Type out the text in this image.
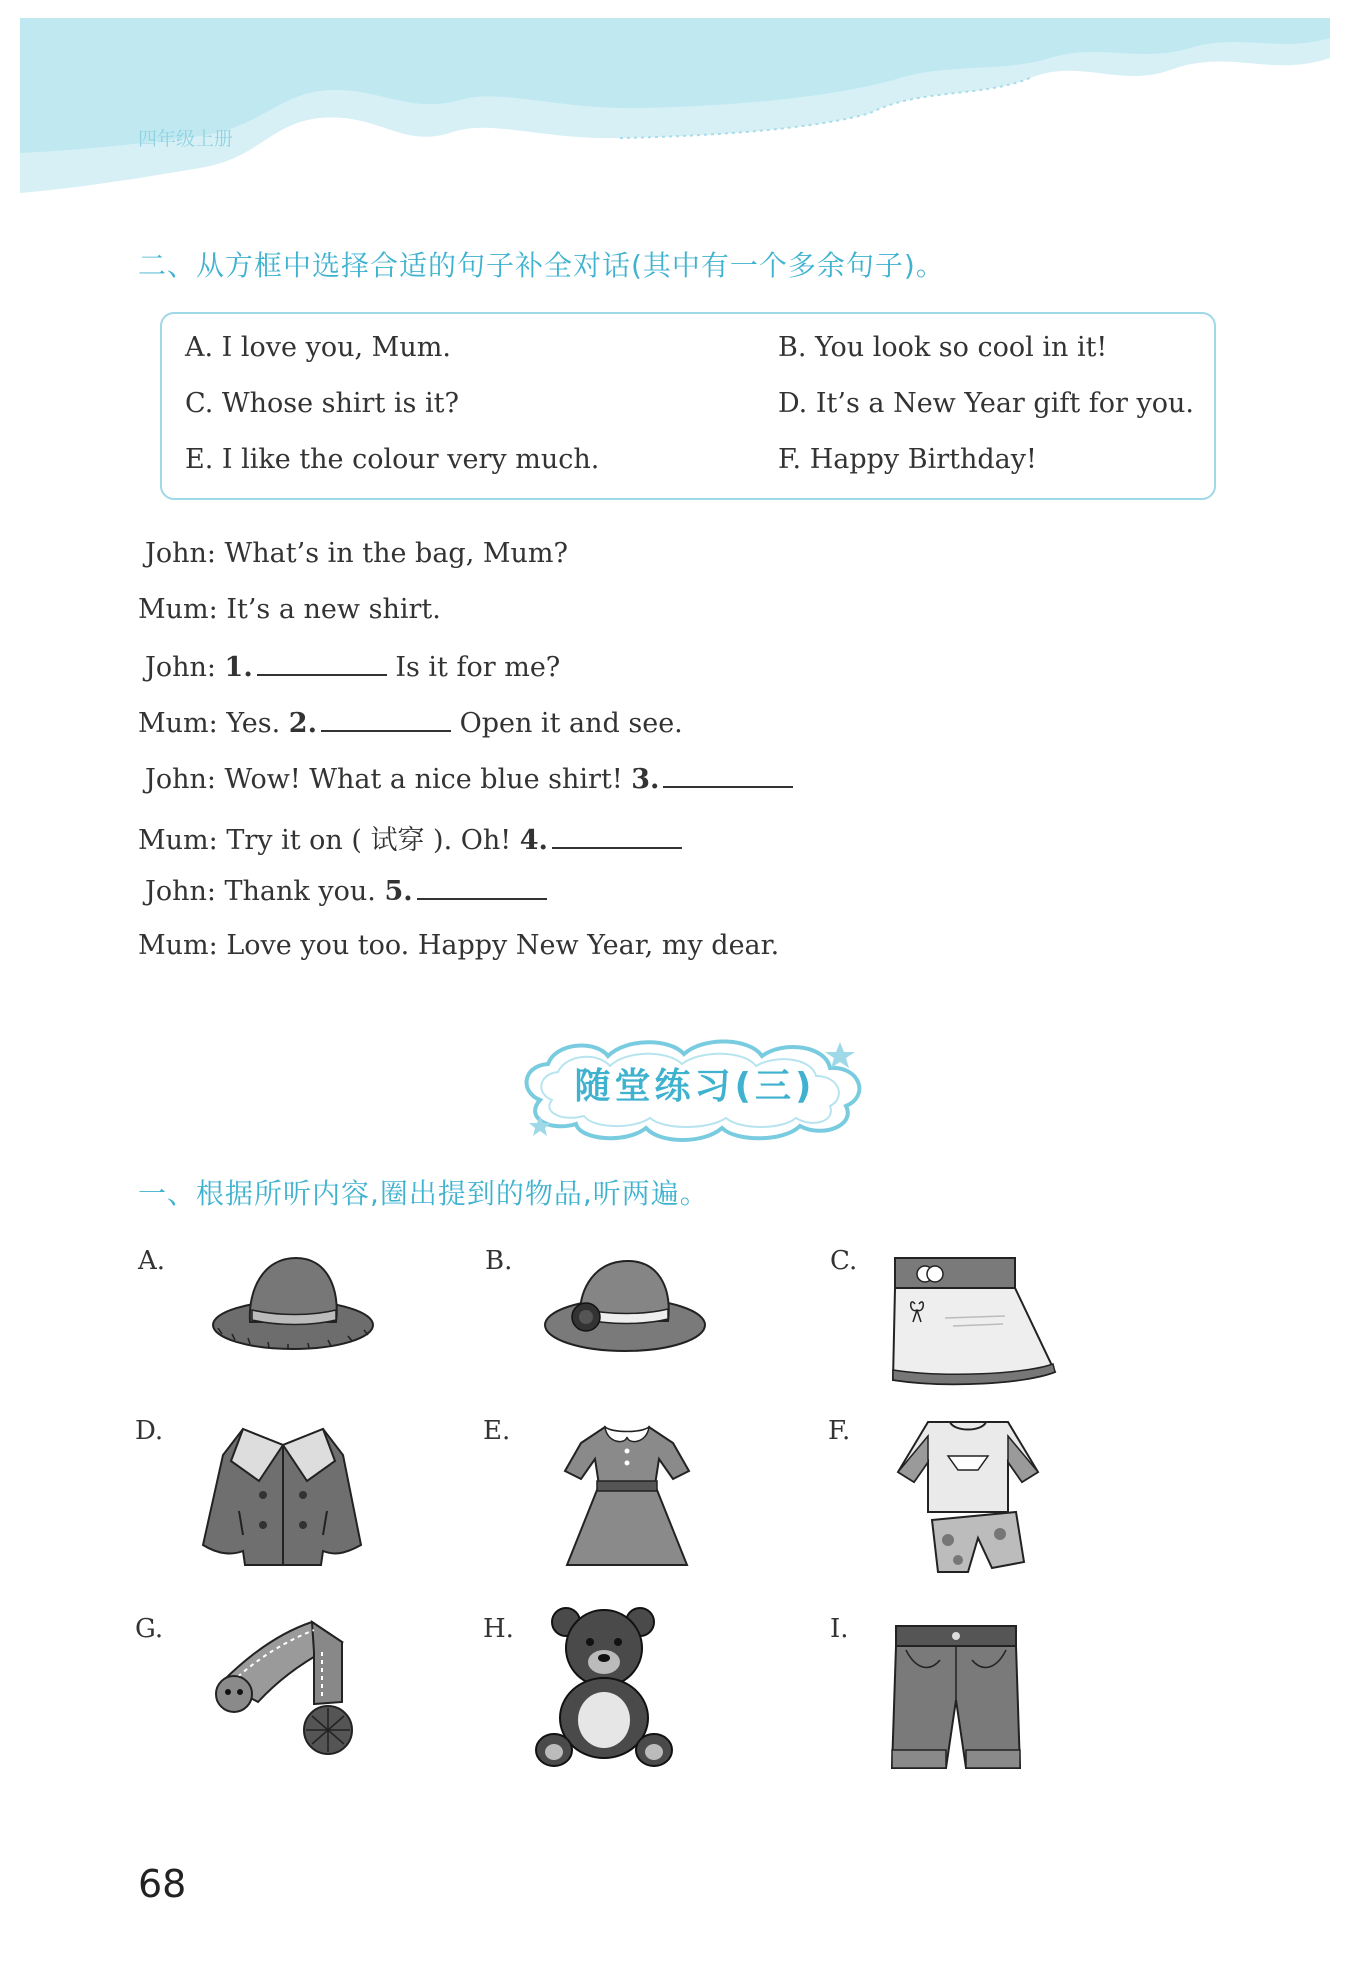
四年级上册
二、从方框中选择合适的句子补全对话(其中有一个多余句子)。
A. I love you, Mum.	B. You look so cool in it!
C. Whose shirt is it?	D. It’s a New Year gift for you.
E. I like the colour very much.	F. Happy Birthday!
John: What’s in the bag, Mum?
Mum: It’s a new shirt.
John: 1.	Is it for me?
Mum: Yes. 2.	Open it and see.
John: Wow! What a nice blue shirt! 3.
Mum: Try it on ( 试穿 ). Oh! 4.
John: Thank you. 5.
Mum: Love you too. Happy New Year, my dear.
随堂练习(三)
一、根据所听内容,圈出提到的物品,听两遍。
A.	B.	C.
D.	E.	F.
G.	H.	I.
68
